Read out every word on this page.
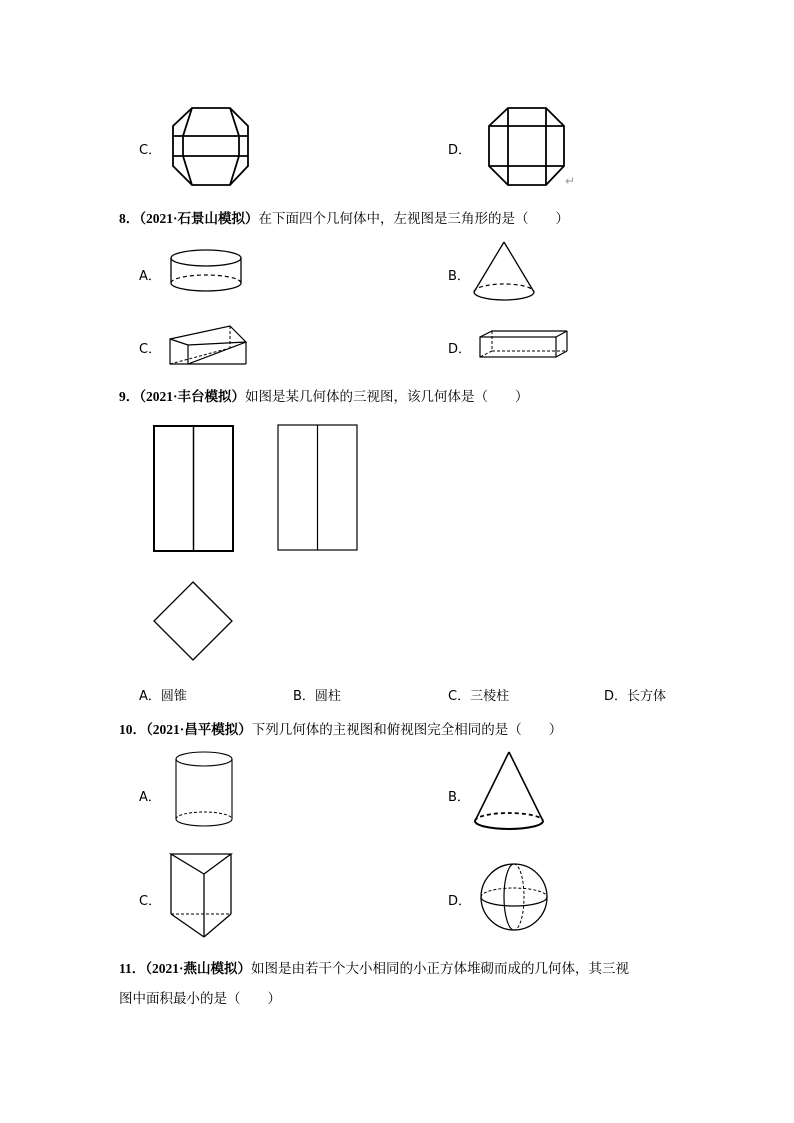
C．	D．
↵
8．（2021·石景山模拟）在下面四个几何体中，左视图是三角形的是（　　）
A．	B．
C．	D．
9．（2021·丰台模拟）如图是某几何体的三视图，该几何体是（　　）
A．圆锥	B．圆柱	C．三棱柱	D．长方体
10．（2021·昌平模拟）下列几何体的主视图和俯视图完全相同的是（　　）
A．	B．
C．	D．
11．（2021·燕山模拟）如图是由若干个大小相同的小正方体堆砌而成的几何体，其三视
图中面积最小的是（　　）
